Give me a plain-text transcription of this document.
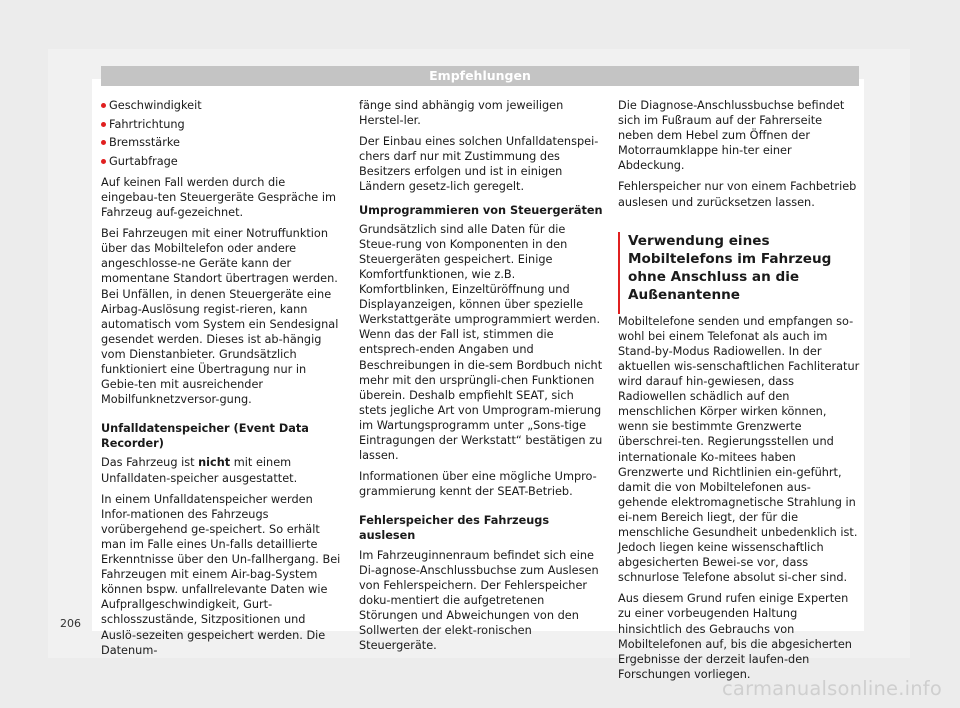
Empfehlungen
Geschwindigkeit
Fahrtrichtung
Bremsstärke
Gurtabfrage

Auf keinen Fall werden durch die eingebau-ten Steuergeräte Gespräche im Fahrzeug auf-gezeichnet.

Bei Fahrzeugen mit einer Notruffunktion über das Mobiltelefon oder andere angeschlosse-ne Geräte kann der momentane Standort übertragen werden. Bei Unfällen, in denen Steuergeräte eine Airbag-Auslösung regist-rieren, kann automatisch vom System ein Sendesignal gesendet werden. Dieses ist ab-hängig vom Dienstanbieter. Grundsätzlich funktioniert eine Übertragung nur in Gebie-ten mit ausreichender Mobilfunknetzversor-gung.

Unfalldatenspeicher (Event Data Recorder)

Das Fahrzeug ist nicht mit einem Unfalldaten-speicher ausgestattet.

In einem Unfalldatenspeicher werden Infor-mationen des Fahrzeugs vorübergehend ge-speichert. So erhält man im Falle eines Un-falls detaillierte Erkenntnisse über den Un-fallhergang. Bei Fahrzeugen mit einem Air-bag-System können bspw. unfallrelevante Daten wie Aufprallgeschwindigkeit, Gurt-schlosszustände, Sitzpositionen und Auslö-sezeiten gespeichert werden. Die Datenum-

fänge sind abhängig vom jeweiligen Herstel-ler.

Der Einbau eines solchen Unfalldatenspei-chers darf nur mit Zustimmung des Besitzers erfolgen und ist in einigen Ländern gesetz-lich geregelt.

Umprogrammieren von Steuergeräten

Grundsätzlich sind alle Daten für die Steue-rung von Komponenten in den Steuergeräten gespeichert. Einige Komfortfunktionen, wie z.B. Komfortblinken, Einzeltüröffnung und Displayanzeigen, können über spezielle Werkstattgeräte umprogrammiert werden. Wenn das der Fall ist, stimmen die entsprech-enden Angaben und Beschreibungen in die-sem Bordbuch nicht mehr mit den ursprüngli-chen Funktionen überein. Deshalb empfiehlt SEAT, sich stets jegliche Art von Umprogram-mierung im Wartungsprogramm unter „Sons-tige Eintragungen der Werkstatt“ bestätigen zu lassen.

Informationen über eine mögliche Umpro-grammierung kennt der SEAT-Betrieb.

Fehlerspeicher des Fahrzeugs auslesen

Im Fahrzeuginnenraum befindet sich eine Di-agnose-Anschlussbuchse zum Auslesen von Fehlerspeichern. Der Fehlerspeicher doku-mentiert die aufgetretenen Störungen und Abweichungen von den Sollwerten der elekt-ronischen Steuergeräte.

Die Diagnose-Anschlussbuchse befindet sich im Fußraum auf der Fahrerseite neben dem Hebel zum Öffnen der Motorraumklappe hin-ter einer Abdeckung.

Fehlerspeicher nur von einem Fachbetrieb auslesen und zurücksetzen lassen.

Verwendung eines Mobiltelefons im Fahrzeug ohne Anschluss an die Außenantenne

Mobiltelefone senden und empfangen so-wohl bei einem Telefonat als auch im Stand-by-Modus Radiowellen. In der aktuellen wis-senschaftlichen Fachliteratur wird darauf hin-gewiesen, dass Radiowellen schädlich auf den menschlichen Körper wirken können, wenn sie bestimmte Grenzwerte überschrei-ten. Regierungsstellen und internationale Ko-mitees haben Grenzwerte und Richtlinien ein-geführt, damit die von Mobiltelefonen aus-gehende elektromagnetische Strahlung in ei-nem Bereich liegt, der für die menschliche Gesundheit unbedenklich ist. Jedoch liegen keine wissenschaftlich abgesicherten Bewei-se vor, dass schnurlose Telefone absolut si-cher sind.

Aus diesem Grund rufen einige Experten zu einer vorbeugenden Haltung hinsichtlich des Gebrauchs von Mobiltelefonen auf, bis die abgesicherten Ergebnisse der derzeit laufen-den Forschungen vorliegen.

206
carmanualsonline.info
